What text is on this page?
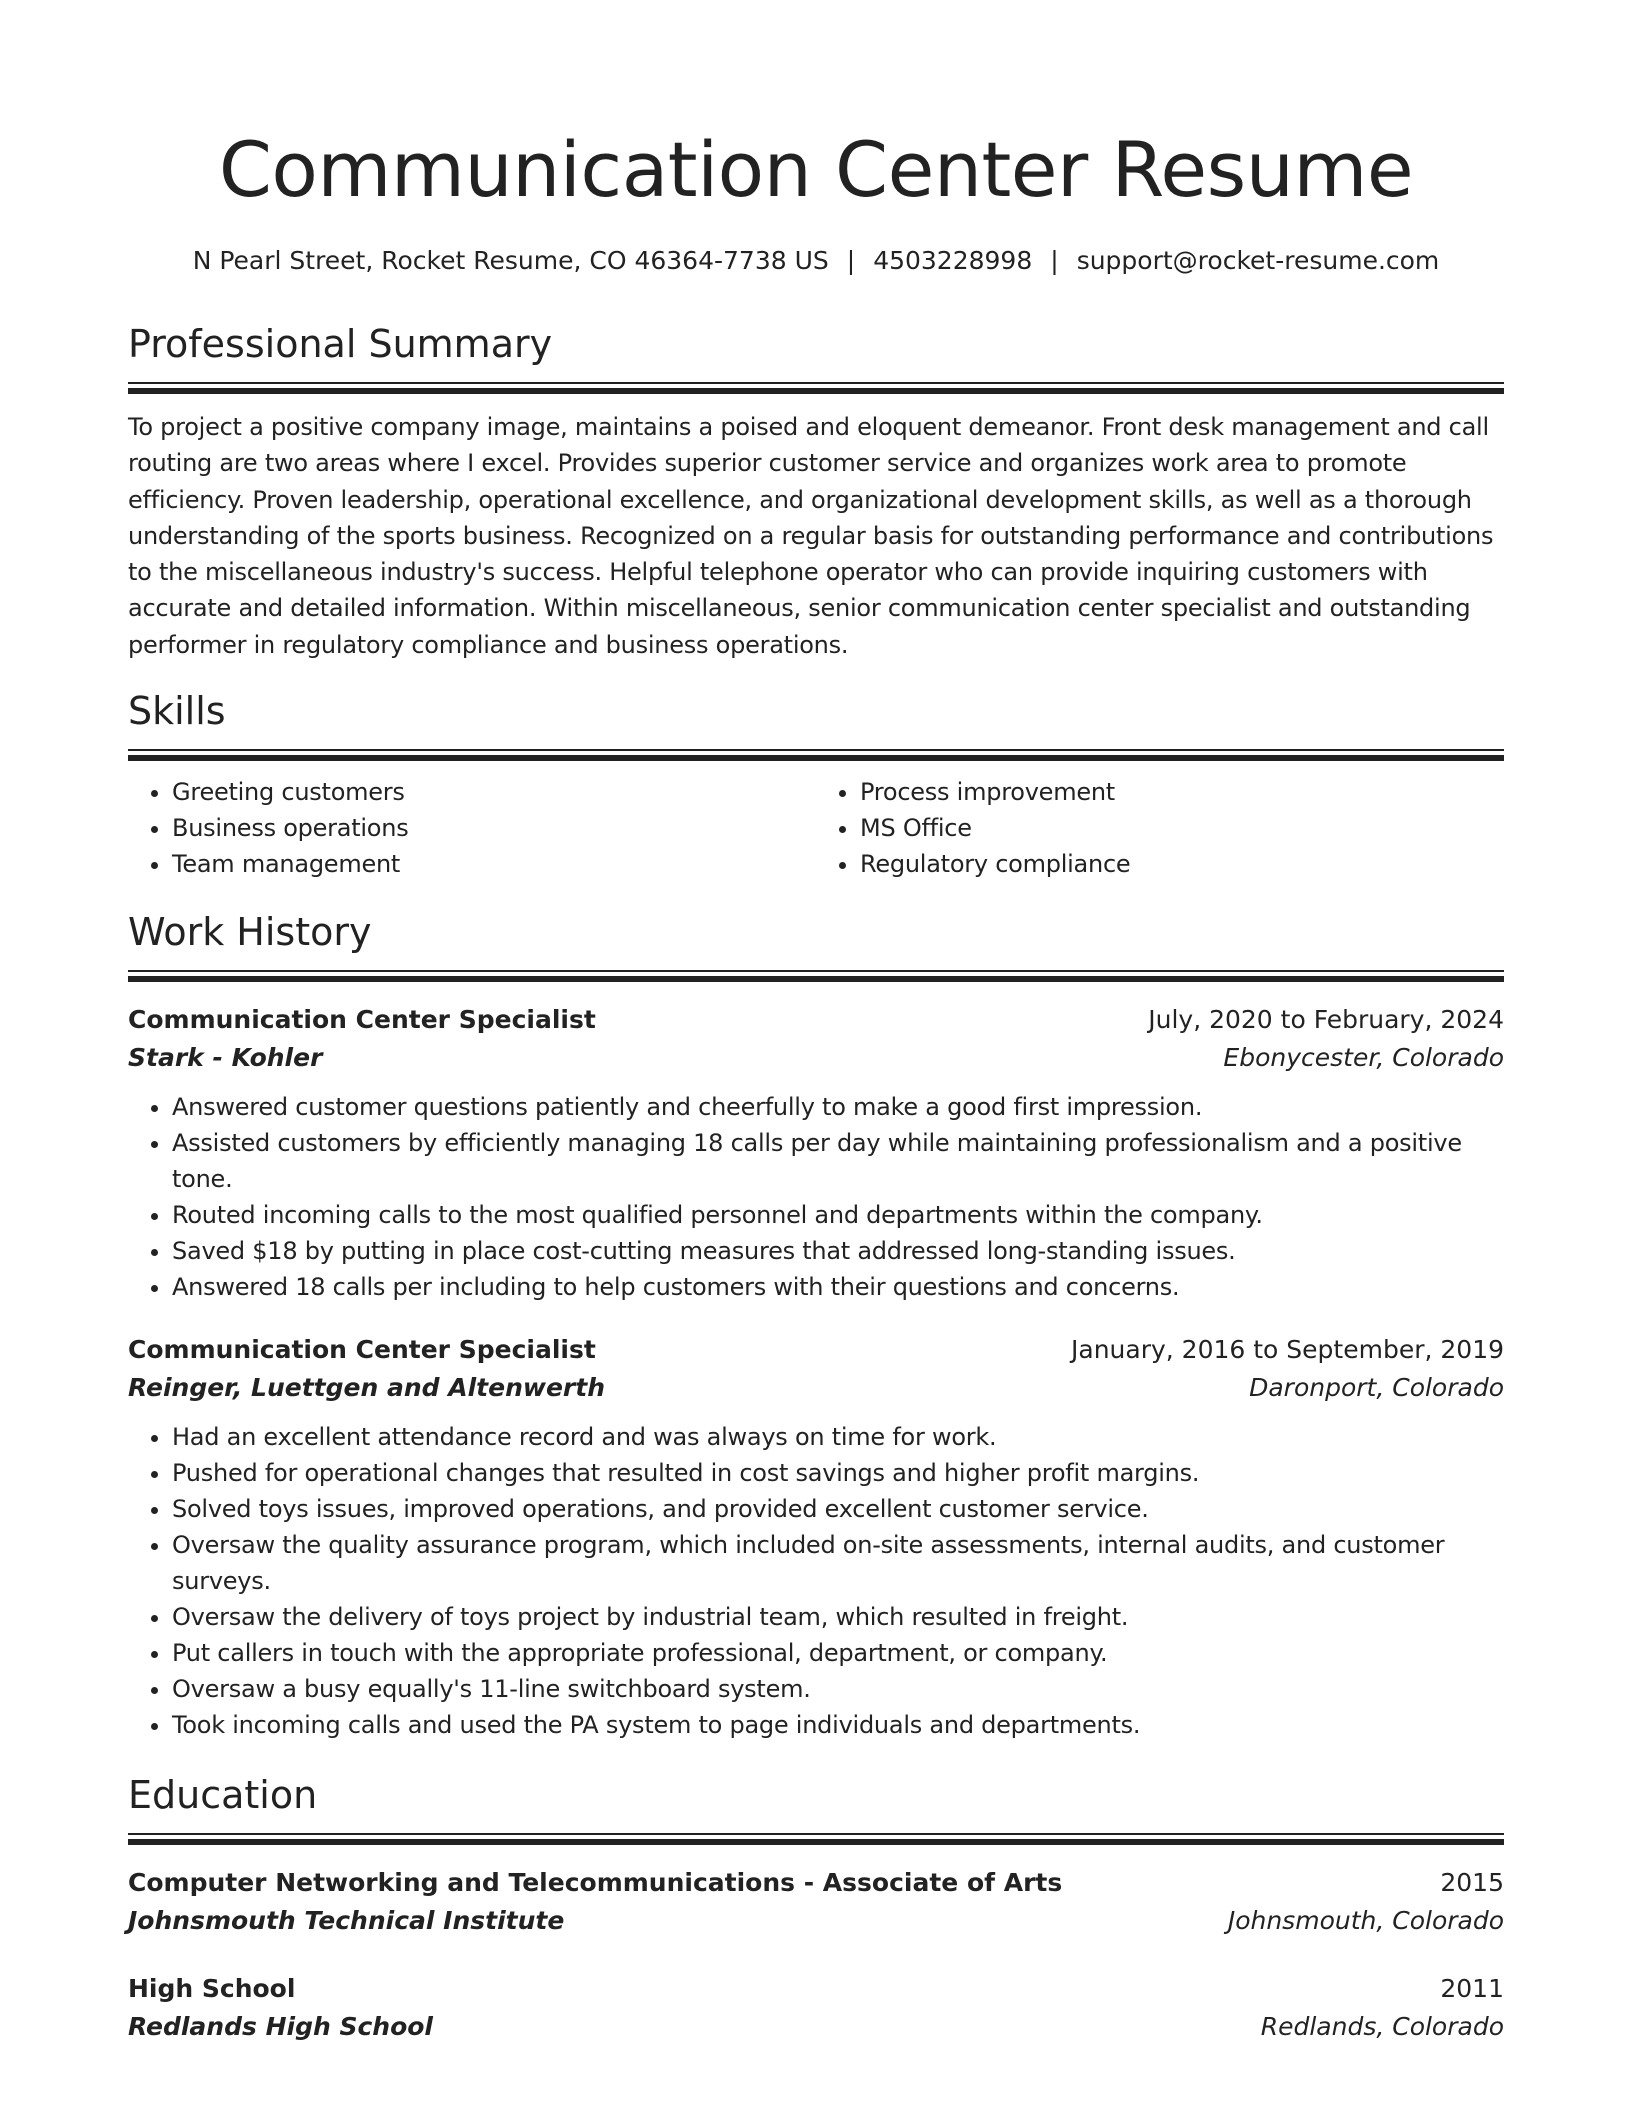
Communication Center Resume
N Pearl Street, Rocket Resume, CO 46364-7738 US | 4503228998 | support@rocket-resume.com
Professional Summary

To project a positive company image, maintains a poised and eloquent demeanor. Front desk management and call routing are two areas where I excel. Provides superior customer service and organizes work area to promote efficiency. Proven leadership, operational excellence, and organizational development skills, as well as a thorough understanding of the sports business. Recognized on a regular basis for outstanding performance and contributions to the miscellaneous industry's success. Helpful telephone operator who can provide inquiring customers with accurate and detailed information. Within miscellaneous, senior communication center specialist and outstanding performer in regulatory compliance and business operations.

Skills
• Greeting customers
• Business operations
• Team management
• Process improvement
• MS Office
• Regulatory compliance
Work History
Communication Center Specialist	July, 2020 to February, 2024
Stark - Kohler	Ebonycester, Colorado
• Answered customer questions patiently and cheerfully to make a good first impression.
• Assisted customers by efficiently managing 18 calls per day while maintaining professionalism and a positive tone.
• Routed incoming calls to the most qualified personnel and departments within the company.
• Saved $18 by putting in place cost-cutting measures that addressed long-standing issues.
• Answered 18 calls per including to help customers with their questions and concerns.
Communication Center Specialist	January, 2016 to September, 2019
Reinger, Luettgen and Altenwerth	Daronport, Colorado
• Had an excellent attendance record and was always on time for work.
• Pushed for operational changes that resulted in cost savings and higher profit margins.
• Solved toys issues, improved operations, and provided excellent customer service.
• Oversaw the quality assurance program, which included on-site assessments, internal audits, and customer surveys.
• Oversaw the delivery of toys project by industrial team, which resulted in freight.
• Put callers in touch with the appropriate professional, department, or company.
• Oversaw a busy equally's 11-line switchboard system.
• Took incoming calls and used the PA system to page individuals and departments.
Education
Computer Networking and Telecommunications - Associate of Arts	2015
Johnsmouth Technical Institute	Johnsmouth, Colorado
High School	2011
Redlands High School	Redlands, Colorado
